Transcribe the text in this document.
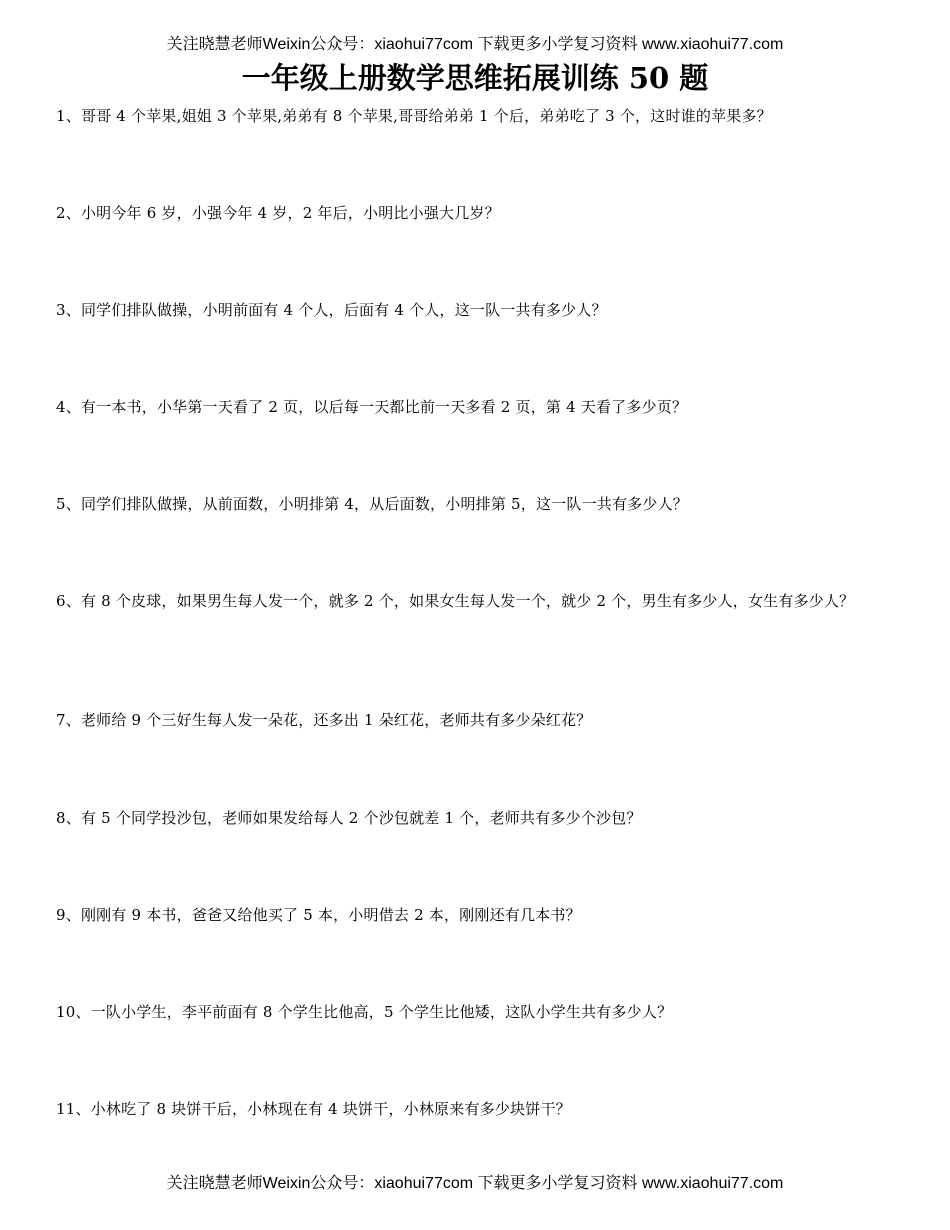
关注晓慧老师Weixin公众号：xiaohui77com 下载更多小学复习资料 www.xiaohui77.com
一年级上册数学思维拓展训练 50 题
1、哥哥 4 个苹果,姐姐 3 个苹果,弟弟有 8 个苹果,哥哥给弟弟 1 个后，弟弟吃了 3 个，这时谁的苹果多？
2、小明今年 6 岁，小强今年 4 岁，2 年后，小明比小强大几岁？
3、同学们排队做操，小明前面有 4 个人，后面有 4 个人，这一队一共有多少人？
4、有一本书，小华第一天看了 2 页，以后每一天都比前一天多看 2 页，第 4 天看了多少页？
5、同学们排队做操，从前面数，小明排第 4，从后面数，小明排第 5，这一队一共有多少人？
6、有 8 个皮球，如果男生每人发一个，就多 2 个，如果女生每人发一个，就少 2 个，男生有多少人，女生有多少人？
7、老师给 9 个三好生每人发一朵花，还多出 1 朵红花，老师共有多少朵红花？
8、有 5 个同学投沙包，老师如果发给每人 2 个沙包就差 1 个，老师共有多少个沙包？
9、刚刚有 9 本书，爸爸又给他买了 5 本，小明借去 2 本，刚刚还有几本书？
10、一队小学生，李平前面有 8 个学生比他高，5 个学生比他矮，这队小学生共有多少人？
11、小林吃了 8 块饼干后，小林现在有 4 块饼干，小林原来有多少块饼干？
关注晓慧老师Weixin公众号：xiaohui77com 下载更多小学复习资料 www.xiaohui77.com
